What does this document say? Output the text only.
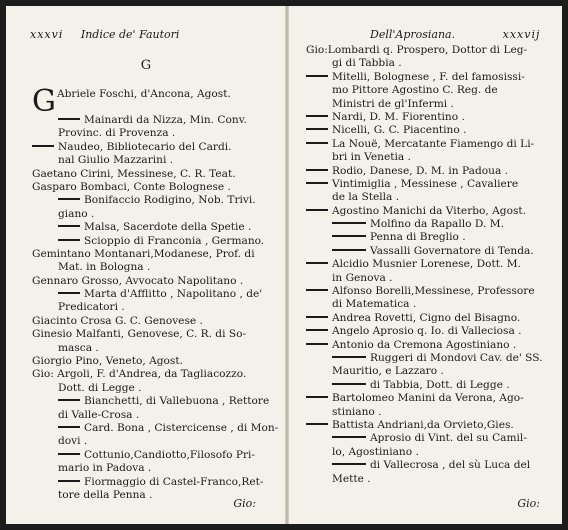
xxxvi Indice de' Fautori
G
G Abriele Foschi, d'Ancona, Agost.
Mainardi da Nizza, Min. Conv.
Provinc. di Provenza .
Naudeo, Bibliotecario del Cardi.
nal Giulio Mazzarini .
Gaetano Cirini, Messinese, C. R. Teat.
Gasparo Bombaci, Conte Bolognese .
Bonifaccio Rodigino, Nob. Trivi.
giano .
Malsa, Sacerdote della Spetie .
Scioppio di Franconia , Germano.
Gemintano Montanari,Modanese, Prof. di
Mat. in Bologna .
Gennaro Grosso, Avvocato Napolitano .
Marta d'Afflitto , Napolitano , de'
Predicatori .
Giacinto Crosa G. C. Genovese .
Ginesio Malfanti, Genovese, C. R. di So-
masca .
Giorgio Pino, Veneto, Agost.
Gio: Argoli, F. d'Andrea, da Tagliacozzo.
Dott. di Legge .
Bianchetti, di Vallebuona , Rettore
di Valle-Crosa .
Card. Bona , Cistercicense , di Mon-
dovi .
Cottunio,Candiotto,Filosofo Pri-
mario in Padova .
Fiormaggio di Castel-Franco,Ret-
tore della Penna .
Gio:
Dell'Aprosiana.	xxxvij
Gio:Lombardi q. Prospero, Dottor di Leg-
gi di Tabbia .
Mitelli, Bolognese , F. del famosissi-
mo Pittore Agostino C. Reg. de
Ministri de gl'Infermi .
Nardi, D. M. Fiorentino .
Nicelli, G. C. Piacentino .
La Nouë, Mercatante Fiamengo di Li-
bri in Venetia .
Rodio, Danese, D. M. in Padoua .
Vintimiglia , Messinese , Cavaliere
de la Stella .
Agostino Manichi da Viterbo, Agost.
Molfino da Rapallo D. M.
Penna di Breglio .
Vassalli Governatore di Tenda.
Alcidio Musnier Lorenese, Dott. M.
in Genova .
Alfonso Borelli,Messinese, Professore
di Matematica .
Andrea Rovetti, Cigno del Bisagno.
Angelo Aprosio q. Io. di Valleciosa .
Antonio da Cremona Agostiniano .
Ruggeri di Mondovi Cav. de' SS.
Mauritio, e Lazzaro .
di Tabbia, Dott. di Legge .
Bartolomeo Manini da Verona, Ago-
stiniano .
Battista Andriani,da Orvieto,Gies.
Aprosio di Vint. del su Camil-
lo, Agostiniano .
di Vallecrosa , del sù Luca del
Mette .
Gio:
